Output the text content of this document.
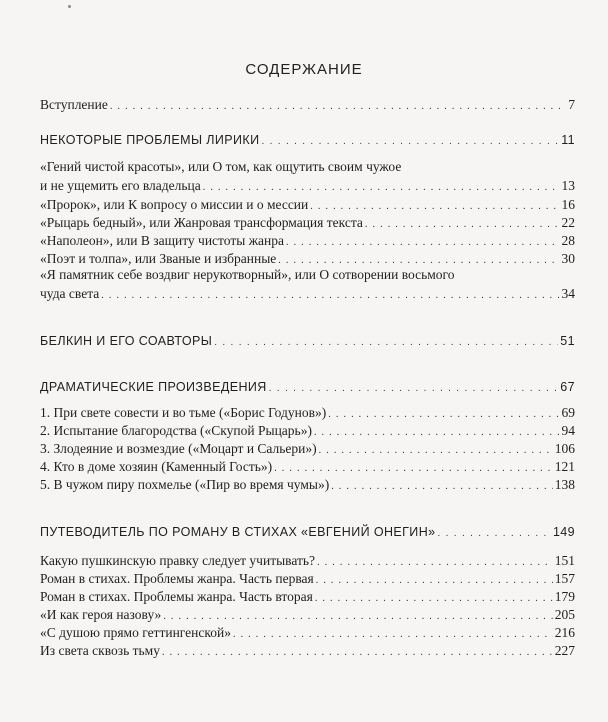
СОДЕРЖАНИЕ
Вступление . . .	7
НЕКОТОРЫЕ ПРОБЛЕМЫ ЛИРИКИ . . .	11
«Гений чистой красоты», или О том, как ощутить своим чужое
и не ущемить его владельца . . .	13
«Пророк», или К вопросу о миссии и о мессии . . .	16
«Рыцарь бедный», или Жанровая трансформация текста . . .	22
«Наполеон», или В защиту чистоты жанра . . .	28
«Поэт и толпа», или Званые и избранные . . .	30
«Я памятник себе воздвиг нерукотворный», или О сотворении восьмого
чуда света . . .	34
БЕЛКИН И ЕГО СОАВТОРЫ . . .	51
ДРАМАТИЧЕСКИЕ ПРОИЗВЕДЕНИЯ . . .	67
1. При свете совести и во тьме («Борис Годунов») . . .	69
2. Испытание благородства («Скупой Рыцарь») . . .	94
3. Злодеяние и возмездие («Моцарт и Сальери») . . .	106
4. Кто в доме хозяин (Каменный Гость») . . .	121
5. В чужом пиру похмелье («Пир во время чумы») . . .	138
ПУТЕВОДИТЕЛЬ ПО РОМАНУ В СТИХАХ «ЕВГЕНИЙ ОНЕГИН» . . .	149
Какую пушкинскую правку следует учитывать? . . .	151
Роман в стихах. Проблемы жанра. Часть первая . . .	157
Роман в стихах. Проблемы жанра. Часть вторая . . .	179
«И как героя назову» . . .	205
«С душою прямо геттингенской» . . .	216
Из света сквозь тьму . . .	227
